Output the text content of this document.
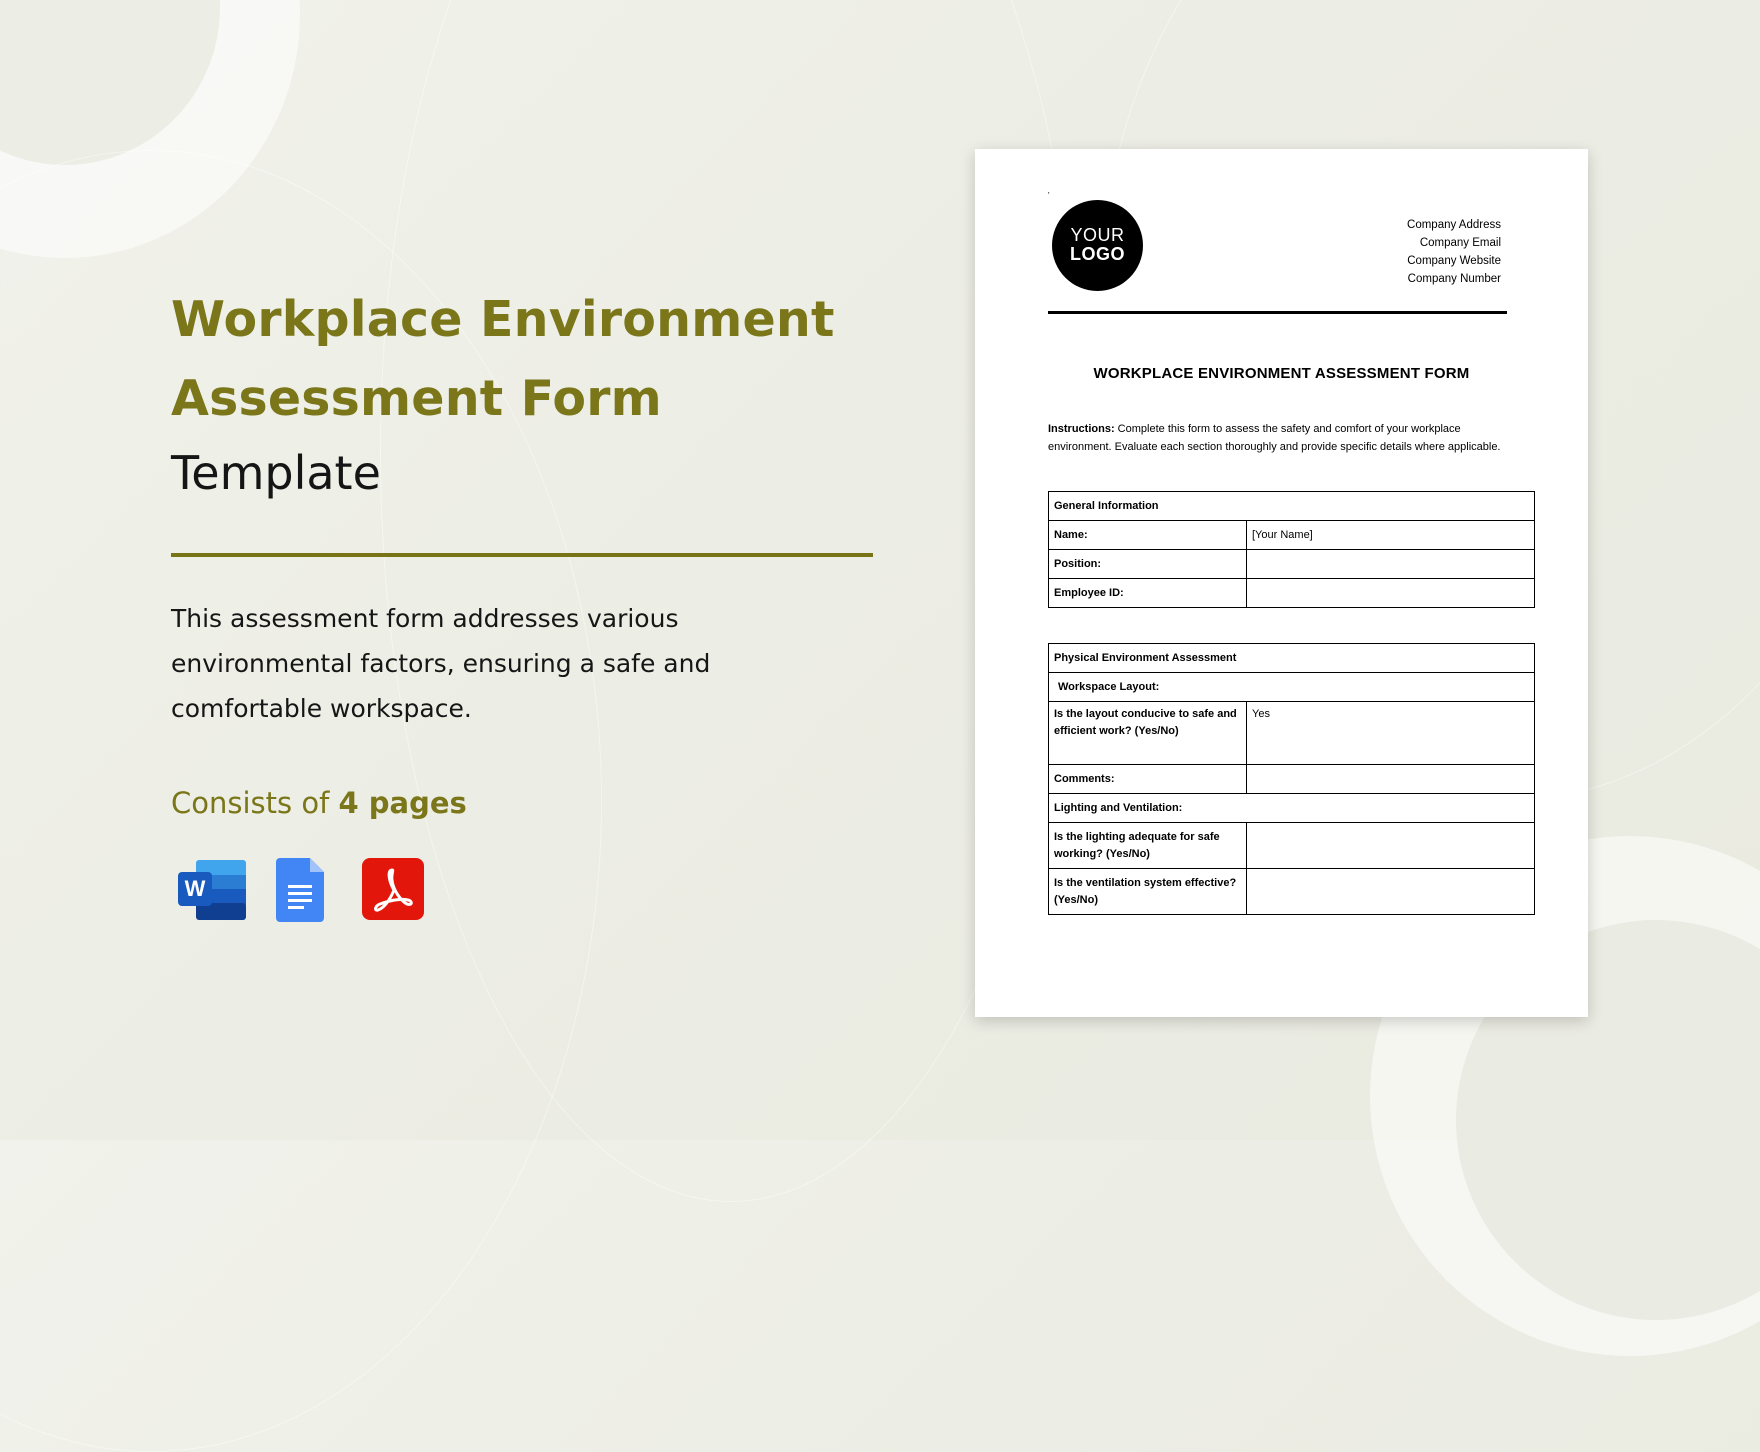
Workplace Environment
Assessment Form
Template

This assessment form addresses various environmental factors, ensuring a safe and comfortable workspace.

Consists of 4 pages

W
'
YOUR
LOGO
Company Address
Company Email
Company Website
Company Number
WORKPLACE ENVIRONMENT ASSESSMENT FORM

Instructions: Complete this form to assess the safety and comfort of your workplace environment. Evaluate each section thoroughly and provide specific details where applicable.

General Information	
Name:	[Your Name]
Position:	
Employee ID:	
Physical Environment Assessment	
Workspace Layout:	
Is the layout conducive to safe and efficient work? (Yes/No)	Yes
Comments:	
Lighting and Ventilation:	
Is the lighting adequate for safe working? (Yes/No)	
Is the ventilation system effective? (Yes/No)	
